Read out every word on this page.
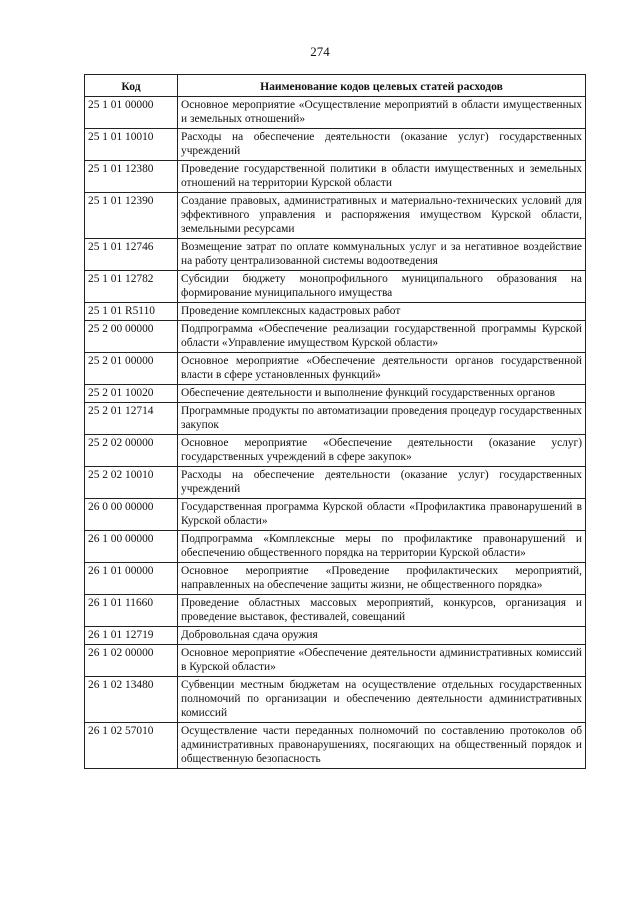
274
Код	Наименование кодов целевых статей расходов
25 1 01 00000	Основное мероприятие «Осуществление мероприятий в области имущественных и земельных отношений»
25 1 01 10010	Расходы на обеспечение деятельности (оказание услуг) государственных учреждений
25 1 01 12380	Проведение государственной политики в области имущественных и земельных отношений на территории Курской области
25 1 01 12390	Создание правовых, административных и материально-технических условий для эффективного управления и распоряжения имуществом Курской области, земельными ресурсами
25 1 01 12746	Возмещение затрат по оплате коммунальных услуг и за негативное воздействие на работу централизованной системы водоотведения
25 1 01 12782	Субсидии бюджету монопрофильного муниципального образования на формирование муниципального имущества
25 1 01 R5110	Проведение комплексных кадастровых работ
25 2 00 00000	Подпрограмма «Обеспечение реализации государственной программы Курской области «Управление имуществом Курской области»
25 2 01 00000	Основное мероприятие «Обеспечение деятельности органов государственной власти в сфере установленных функций»
25 2 01 10020	Обеспечение деятельности и выполнение функций государственных органов
25 2 01 12714	Программные продукты по автоматизации проведения процедур государственных закупок
25 2 02 00000	Основное мероприятие «Обеспечение деятельности (оказание услуг) государственных учреждений в сфере закупок»
25 2 02 10010	Расходы на обеспечение деятельности (оказание услуг) государственных учреждений
26 0 00 00000	Государственная программа Курской области «Профилактика правонарушений в Курской области»
26 1 00 00000	Подпрограмма «Комплексные меры по профилактике правонарушений и обеспечению общественного порядка на территории Курской области»
26 1 01 00000	Основное мероприятие «Проведение профилактических мероприятий, направленных на обеспечение защиты жизни, не общественного порядка»
26 1 01 11660	Проведение областных массовых мероприятий, конкурсов, организация и проведение выставок, фестивалей, совещаний
26 1 01 12719	Добровольная сдача оружия
26 1 02 00000	Основное мероприятие «Обеспечение деятельности административных комиссий в Курской области»
26 1 02 13480	Субвенции местным бюджетам на осуществление отдельных государственных полномочий по организации и обеспечению деятельности административных комиссий
26 1 02 57010	Осуществление части переданных полномочий по составлению протоколов об административных правонарушениях, посягающих на общественный порядок и общественную безопасность
